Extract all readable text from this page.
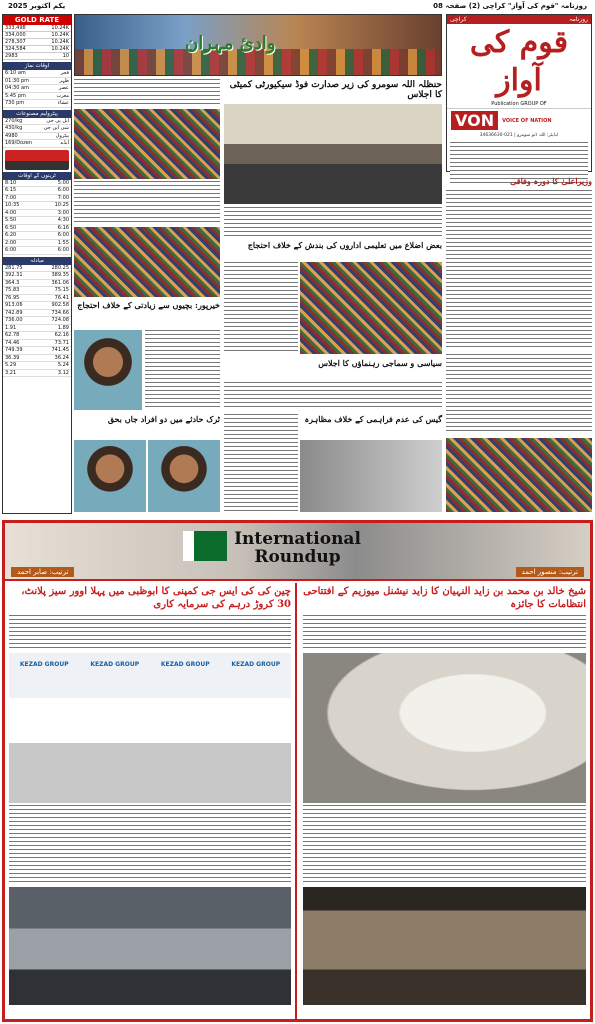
یکم اکتوبر 2025	روزنامہ "قوم کی آواز" کراچی (2) صفحہ 08
GOLD RATE
333,498	10.24K
334,000	10.24K
278,307	10.24K
324,584	10.24K
2983	10
اوقات نماز
6:10 am	فجر
01:30 pm	ظہر
04:30 am	عصر
5:45 pm	مغرب
730 pm	عشاء
پیٹرولیم مصنوعات
270/kg	ایل پی جی
430/kg	سی این جی
4980	پیٹرول
169/Dozen	انڈے
ٹرینوں کے اوقات
8:10	5:00
6:15	6:00
7:00	7:00
10:35	10:25
4:00	3:00
5:50	4:30
6:50	6:16
6:20	6:00
2:00	1:55
6:00	6:00
مبادلہ
281.75	280.25
392.31	389.35
364.3	361.06
75.83	75.15
76.95	76.41
913.06	902.58
742.89	734.66
736.00	724.08
1.91	1.89
62.78	62.16
74.46	73.71
749.39	741.45
36.39	36.24
5.29	5.24
3.21	3.12
وادئ مہران
کراچی	روزنامہ
قوم کی آواز
Publication GROUP OF
VON	VOICE OF NATION
ایڈیٹر: اللہ ڈنو سومرو | 021-34636630
خیرپور: بچیوں سے زیادتی کے خلاف احتجاج
ٹرک حادثے میں دو افراد جاں بحق
حنظلہ اللہ سومرو کی زیر صدارت فوڈ سیکیورٹی کمیٹی کا اجلاس
بعض اضلاع میں تعلیمی اداروں کی بندش کے خلاف احتجاج
سیاسی و سماجی رہنماؤں کا اجلاس
گیس کی عدم فراہمی کے خلاف مظاہرہ
وزیراعلیٰ کا دورہ وفاقی
International
Roundup
ترتیب: صابر احمد	ترتیب: منصور احمد
چین کی کی ایس جی کمپنی کا ابوظبی میں پہلا اوور سیز پلانٹ، 30 کروڑ درہم کی سرمایہ کاری
KEZAD GROUP	KEZAD GROUP	KEZAD GROUP	KEZAD GROUP
شیخ خالد بن محمد بن زاید النہیان کا زاید نیشنل میوزیم کے افتتاحی انتظامات کا جائزہ
